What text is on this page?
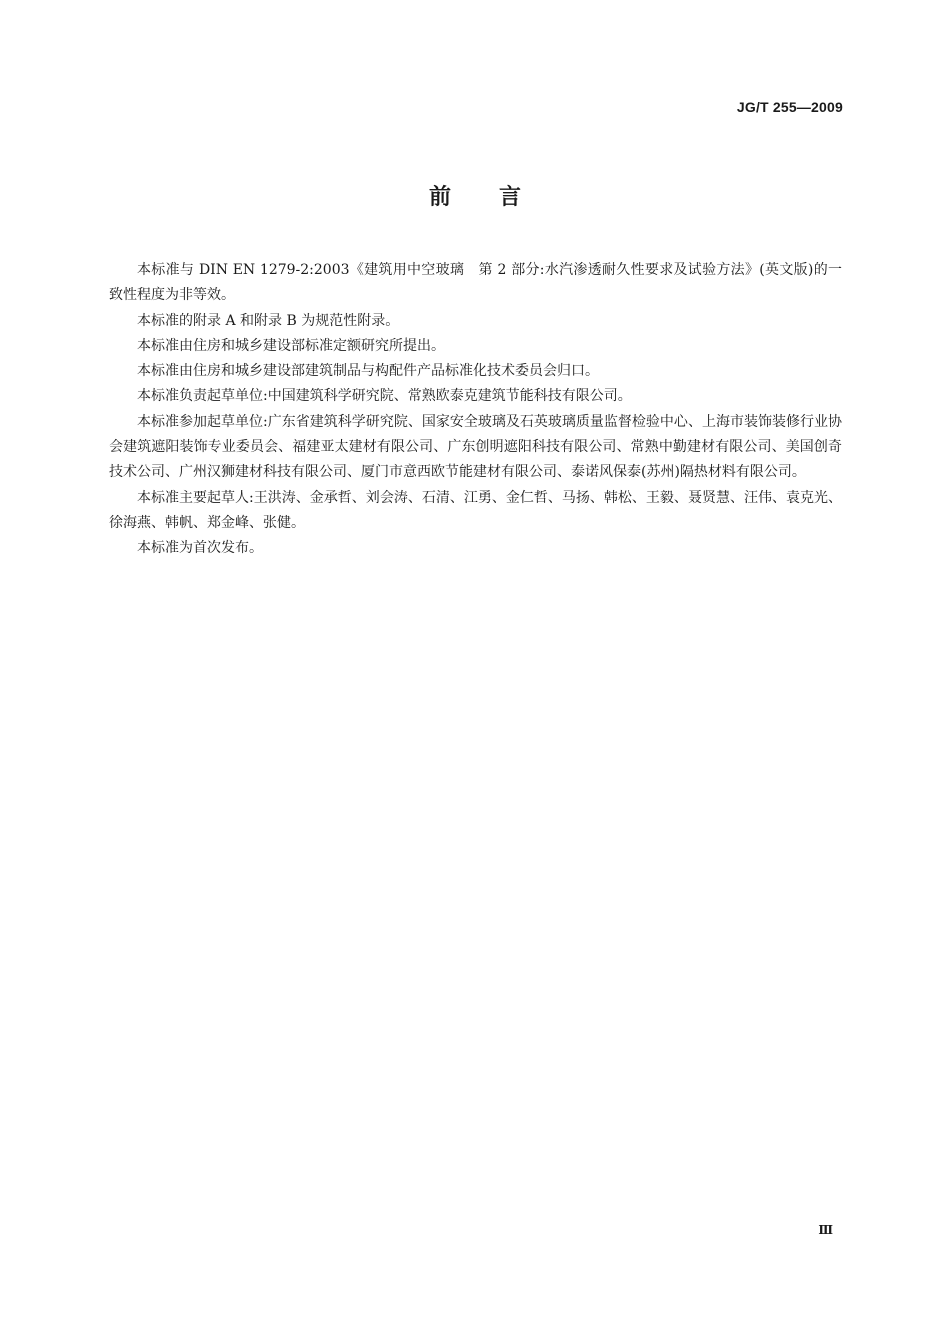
JG/T 255—2009
前言

本标准与 DIN EN 1279-2:2003《建筑用中空玻璃　第 2 部分:水汽渗透耐久性要求及试验方法》(英文版)的一致性程度为非等效。

本标准的附录 A 和附录 B 为规范性附录。

本标准由住房和城乡建设部标准定额研究所提出。

本标准由住房和城乡建设部建筑制品与构配件产品标准化技术委员会归口。

本标准负责起草单位:中国建筑科学研究院、常熟欧泰克建筑节能科技有限公司。

本标准参加起草单位:广东省建筑科学研究院、国家安全玻璃及石英玻璃质量监督检验中心、上海市装饰装修行业协会建筑遮阳装饰专业委员会、福建亚太建材有限公司、广东创明遮阳科技有限公司、常熟中勤建材有限公司、美国创奇技术公司、广州汉狮建材科技有限公司、厦门市意西欧节能建材有限公司、泰诺风保泰(苏州)隔热材料有限公司。

本标准主要起草人:王洪涛、金承哲、刘会涛、石清、江勇、金仁哲、马扬、韩松、王毅、聂贤慧、汪伟、袁克光、徐海燕、韩帆、郑金峰、张健。

本标准为首次发布。

Ⅲ
